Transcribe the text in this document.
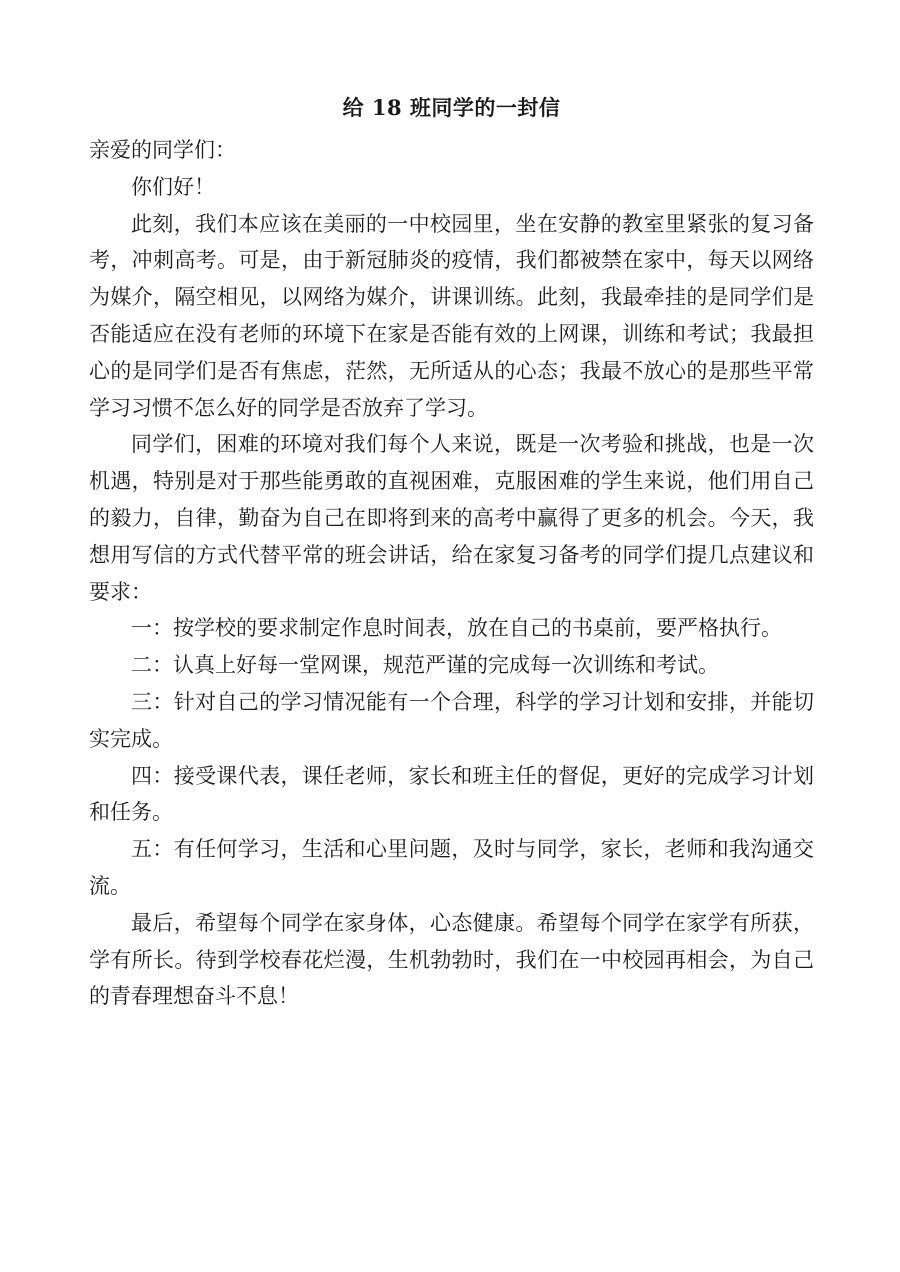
给 18 班同学的一封信

亲爱的同学们：

你们好！

此刻，我们本应该在美丽的一中校园里，坐在安静的教室里紧张的复习备考，冲刺高考。可是，由于新冠肺炎的疫情，我们都被禁在家中，每天以网络为媒介，隔空相见，以网络为媒介，讲课训练。此刻，我最牵挂的是同学们是否能适应在没有老师的环境下在家是否能有效的上网课，训练和考试；我最担心的是同学们是否有焦虑，茫然，无所适从的心态；我最不放心的是那些平常学习习惯不怎么好的同学是否放弃了学习。

同学们，困难的环境对我们每个人来说，既是一次考验和挑战，也是一次机遇，特别是对于那些能勇敢的直视困难，克服困难的学生来说，他们用自己的毅力，自律，勤奋为自己在即将到来的高考中赢得了更多的机会。今天，我想用写信的方式代替平常的班会讲话，给在家复习备考的同学们提几点建议和要求：

一：按学校的要求制定作息时间表，放在自己的书桌前，要严格执行。

二：认真上好每一堂网课，规范严谨的完成每一次训练和考试。

三：针对自己的学习情况能有一个合理，科学的学习计划和安排，并能切实完成。

四：接受课代表，课任老师，家长和班主任的督促，更好的完成学习计划和任务。

五：有任何学习，生活和心里问题，及时与同学，家长，老师和我沟通交流。

最后，希望每个同学在家身体，心态健康。希望每个同学在家学有所获，学有所长。待到学校春花烂漫，生机勃勃时，我们在一中校园再相会，为自己的青春理想奋斗不息！
